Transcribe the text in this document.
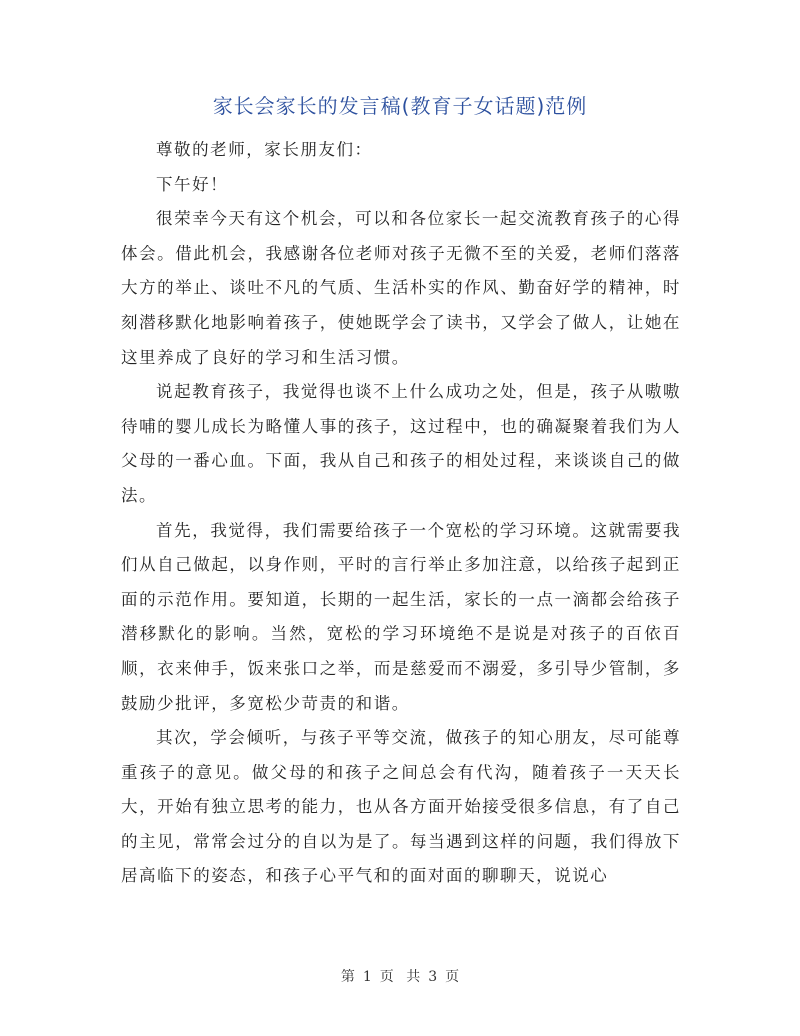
家长会家长的发言稿(教育子女话题)范例

尊敬的老师，家长朋友们：

下午好！

很荣幸今天有这个机会，可以和各位家长一起交流教育孩子的心得体会。借此机会，我感谢各位老师对孩子无微不至的关爱，老师们落落大方的举止、谈吐不凡的气质、生活朴实的作风、勤奋好学的精神，时刻潜移默化地影响着孩子，使她既学会了读书，又学会了做人，让她在这里养成了良好的学习和生活习惯。

说起教育孩子，我觉得也谈不上什么成功之处，但是，孩子从嗷嗷待哺的婴儿成长为略懂人事的孩子，这过程中，也的确凝聚着我们为人父母的一番心血。下面，我从自己和孩子的相处过程，来谈谈自己的做法。

首先，我觉得，我们需要给孩子一个宽松的学习环境。这就需要我们从自己做起，以身作则，平时的言行举止多加注意，以给孩子起到正面的示范作用。要知道，长期的一起生活，家长的一点一滴都会给孩子潜移默化的影响。当然，宽松的学习环境绝不是说是对孩子的百依百顺，衣来伸手，饭来张口之举，而是慈爱而不溺爱，多引导少管制，多鼓励少批评，多宽松少苛责的和谐。

其次，学会倾听，与孩子平等交流，做孩子的知心朋友，尽可能尊重孩子的意见。做父母的和孩子之间总会有代沟，随着孩子一天天长大，开始有独立思考的能力，也从各方面开始接受很多信息，有了自己的主见，常常会过分的自以为是了。每当遇到这样的问题，我们得放下居高临下的姿态，和孩子心平气和的面对面的聊聊天，说说心

第 1 页 共 3 页
